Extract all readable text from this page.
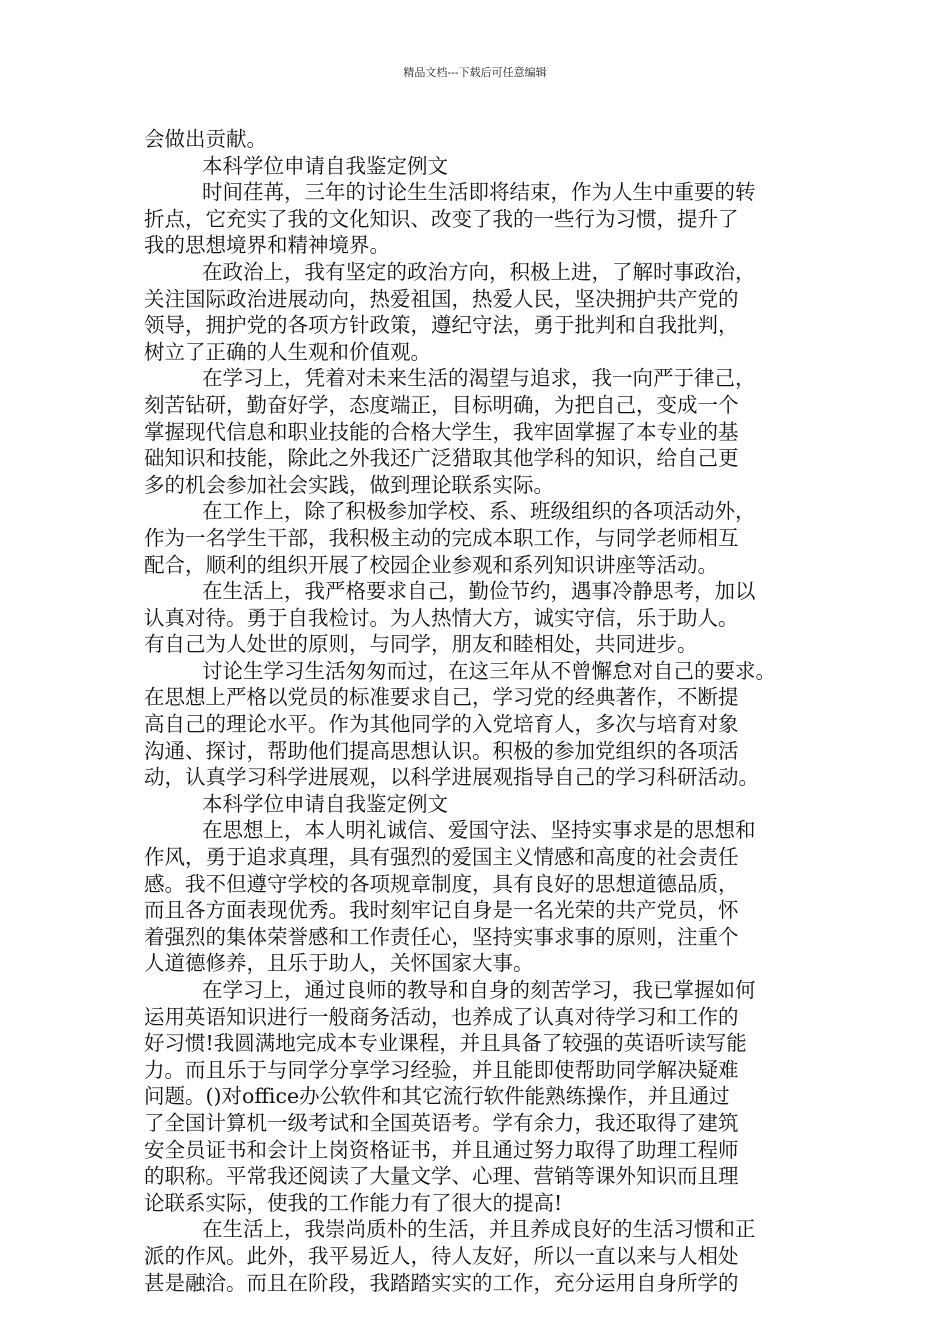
精品文档---下载后可任意编辑
会做出贡献。
本科学位申请自我鉴定例文
时间荏苒，三年的讨论生生活即将结束，作为人生中重要的转
折点，它充实了我的文化知识、改变了我的一些行为习惯，提升了
我的思想境界和精神境界。
在政治上，我有坚定的政治方向，积极上进，了解时事政治，
关注国际政治进展动向，热爱祖国，热爱人民，坚决拥护共产党的
领导，拥护党的各项方针政策，遵纪守法，勇于批判和自我批判，
树立了正确的人生观和价值观。
在学习上，凭着对未来生活的渴望与追求，我一向严于律己，
刻苦钻研，勤奋好学，态度端正，目标明确，为把自己，变成一个
掌握现代信息和职业技能的合格大学生，我牢固掌握了本专业的基
础知识和技能，除此之外我还广泛猎取其他学科的知识，给自己更
多的机会参加社会实践，做到理论联系实际。
在工作上，除了积极参加学校、系、班级组织的各项活动外，
作为一名学生干部，我积极主动的完成本职工作，与同学老师相互
配合，顺利的组织开展了校园企业参观和系列知识讲座等活动。
在生活上，我严格要求自己，勤俭节约，遇事冷静思考，加以
认真对待。勇于自我检讨。为人热情大方，诚实守信，乐于助人。
有自己为人处世的原则，与同学，朋友和睦相处，共同进步。
讨论生学习生活匆匆而过，在这三年从不曾懈怠对自己的要求。
在思想上严格以党员的标准要求自己，学习党的经典著作，不断提
高自己的理论水平。作为其他同学的入党培育人，多次与培育对象
沟通、探讨，帮助他们提高思想认识。积极的参加党组织的各项活
动，认真学习科学进展观，以科学进展观指导自己的学习科研活动。
本科学位申请自我鉴定例文
在思想上，本人明礼诚信、爱国守法、坚持实事求是的思想和
作风，勇于追求真理，具有强烈的爱国主义情感和高度的社会责任
感。我不但遵守学校的各项规章制度，具有良好的思想道德品质，
而且各方面表现优秀。我时刻牢记自身是一名光荣的共产党员，怀
着强烈的集体荣誉感和工作责任心，坚持实事求事的原则，注重个
人道德修养，且乐于助人，关怀国家大事。
在学习上，通过良师的教导和自身的刻苦学习，我已掌握如何
运用英语知识进行一般商务活动，也养成了认真对待学习和工作的
好习惯!我圆满地完成本专业课程，并且具备了较强的英语听读写能
力。而且乐于与同学分享学习经验，并且能即使帮助同学解决疑难
问题。()对office办公软件和其它流行软件能熟练操作，并且通过
了全国计算机一级考试和全国英语考。学有余力，我还取得了建筑
安全员证书和会计上岗资格证书，并且通过努力取得了助理工程师
的职称。平常我还阅读了大量文学、心理、营销等课外知识而且理
论联系实际，使我的工作能力有了很大的提高!
在生活上，我崇尚质朴的生活，并且养成良好的生活习惯和正
派的作风。此外，我平易近人，待人友好，所以一直以来与人相处
甚是融洽。而且在阶段，我踏踏实实的工作，充分运用自身所学的
